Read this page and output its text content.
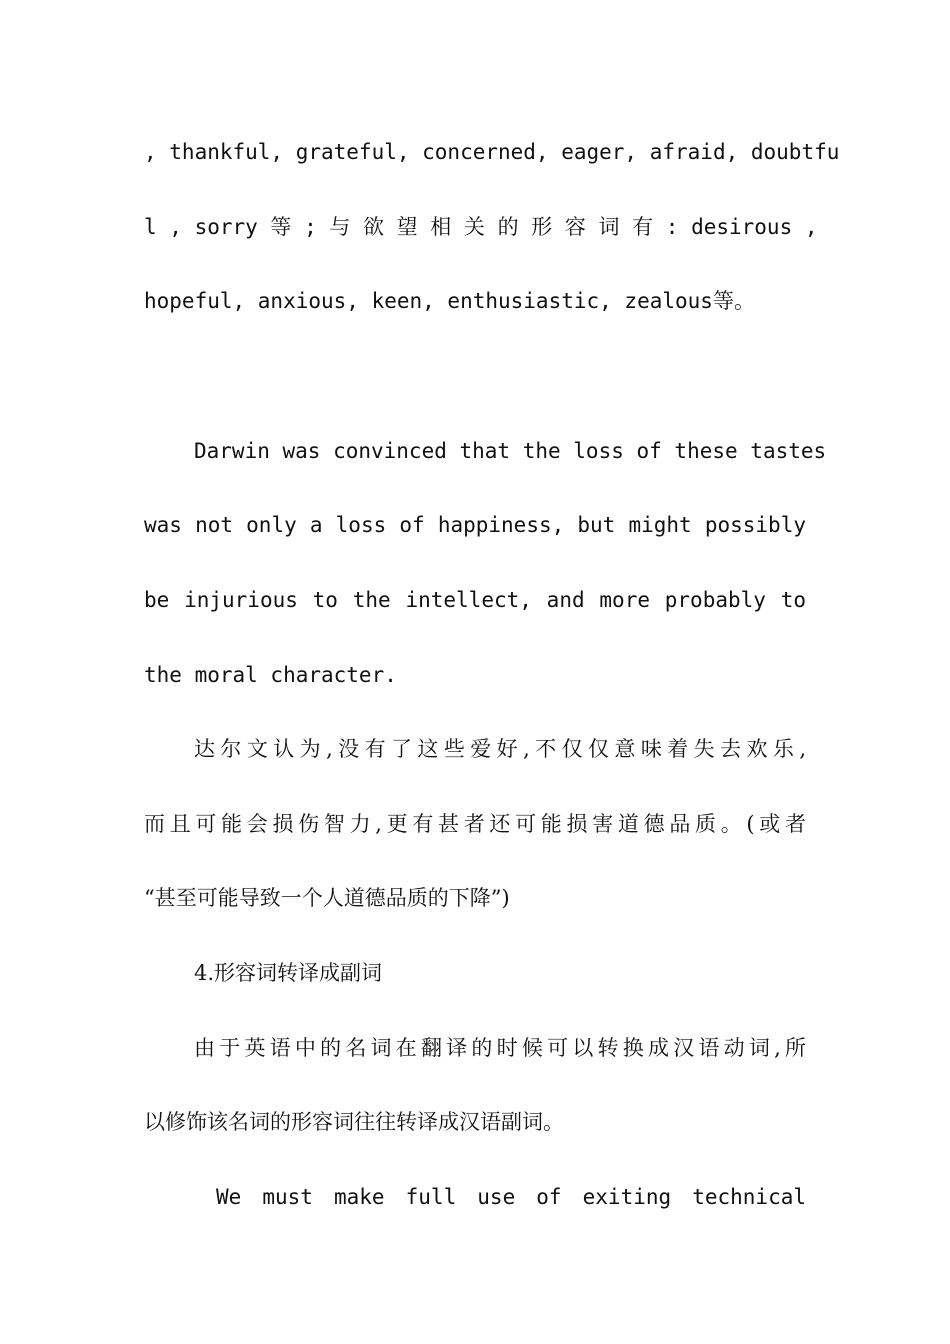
, thankful, grateful, concerned, eager, afraid, doubtfu
l , sorry 等 ; 与 欲 望 相 关 的 形 容 词 有 : desirous ,
hopeful, anxious, keen, enthusiastic, zealous等。
Darwin was convinced that the loss of these tastes
was not only a loss of happiness, but might possibly
be injurious to the intellect, and more probably to
the moral character.
达尔文认为,没有了这些爱好,不仅仅意味着失去欢乐,
而且可能会损伤智力,更有甚者还可能损害道德品质。(或者
“甚至可能导致一个人道德品质的下降”)
4.形容词转译成副词
由于英语中的名词在翻译的时候可以转换成汉语动词,所
以修饰该名词的形容词往往转译成汉语副词。
We must make full use of exiting technical
